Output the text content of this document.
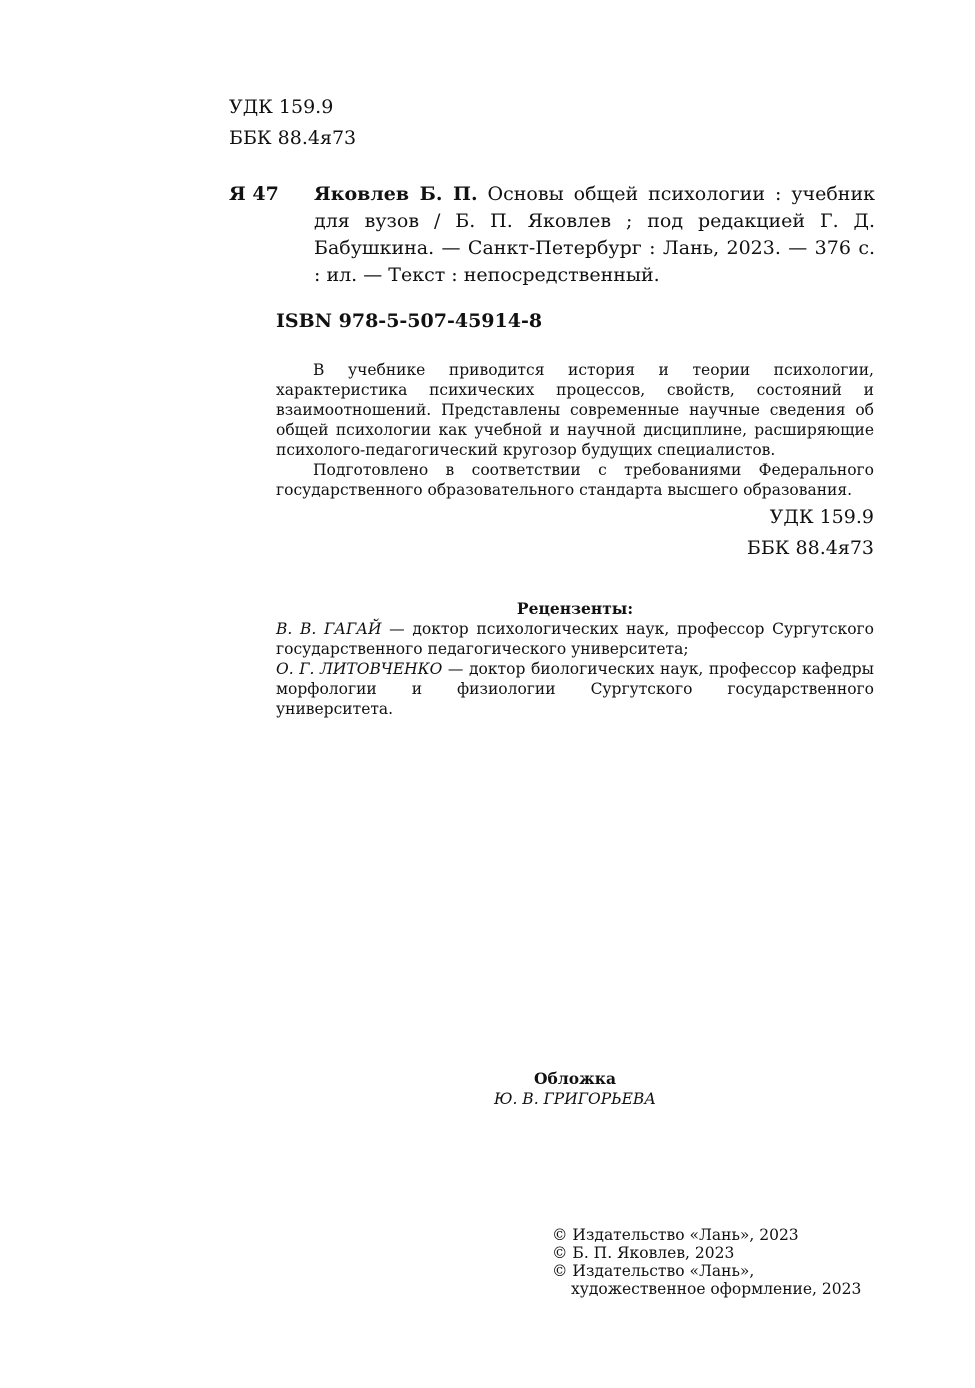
УДК 159.9
ББК 88.4я73
Я 47 Яковлев Б. П. Основы общей психологии : учебник для вузов / Б. П. Яковлев ; под редакцией Г. Д. Бабушкина. — Санкт-Петербург : Лань, 2023. — 376 с. : ил. — Текст : непосредственный.
ISBN 978-5-507-45914-8

В учебнике приводится история и теории психологии, характеристика психических процессов, свойств, состояний и взаимоотношений. Представлены современные научные сведения об общей психологии как учебной и научной дисциплине, расширяющие психолого-педагогический кругозор будущих специалистов.

Подготовлено в соответствии с требованиями Федерального государственного образовательного стандарта высшего образования.

УДК 159.9
ББК 88.4я73
Рецензенты:

В. В. ГАГАЙ — доктор психологических наук, профессор Сургутского государственного педагогического университета;

О. Г. ЛИТОВЧЕНКО — доктор биологических наук, профессор кафедры морфологии и физиологии Сургутского государственного университета.

Обложка
Ю. В. ГРИГОРЬЕВА
© Издательство «Лань», 2023
© Б. П. Яковлев, 2023
© Издательство «Лань»,
художественное оформление, 2023
